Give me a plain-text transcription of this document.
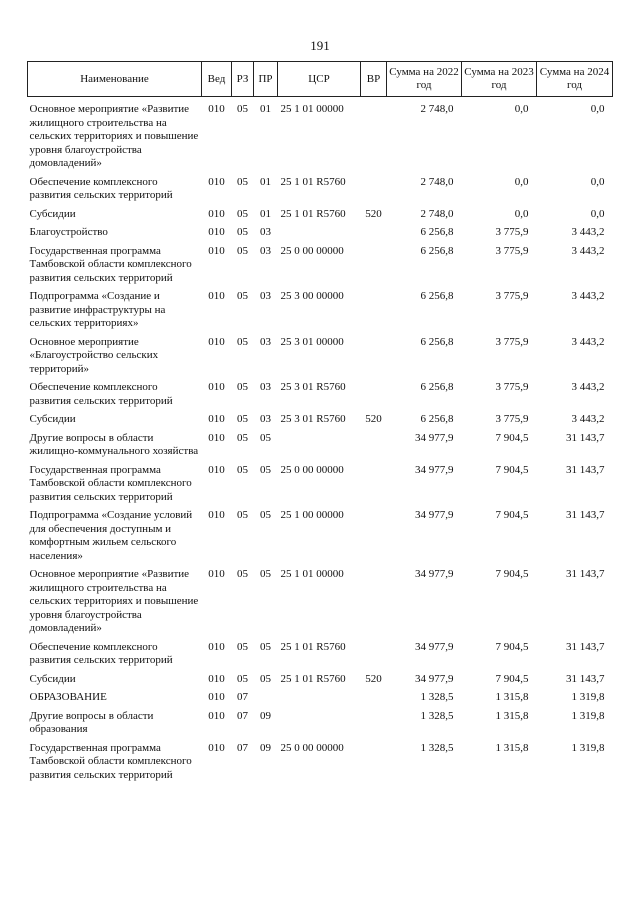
191
Наименование	Вед	РЗ	ПР	ЦСР	ВР	Сумма на 2022 год	Сумма на 2023 год	Сумма на 2024 год
Основное мероприятие «Развитие жилищного строительства на сельских территориях и повышение уровня благоустройства домовладений»	010	05	01	25 1 01 00000		2 748,0	0,0	0,0
Обеспечение комплексного развития сельских территорий	010	05	01	25 1 01 R5760		2 748,0	0,0	0,0
Субсидии	010	05	01	25 1 01 R5760	520	2 748,0	0,0	0,0
Благоустройство	010	05	03			6 256,8	3 775,9	3 443,2
Государственная программа Тамбовской области комплексного развития сельских территорий	010	05	03	25 0 00 00000		6 256,8	3 775,9	3 443,2
Подпрограмма «Создание и развитие инфраструктуры на сельских территориях»	010	05	03	25 3 00 00000		6 256,8	3 775,9	3 443,2
Основное мероприятие «Благоустройство сельских территорий»	010	05	03	25 3 01 00000		6 256,8	3 775,9	3 443,2
Обеспечение комплексного развития сельских территорий	010	05	03	25 3 01 R5760		6 256,8	3 775,9	3 443,2
Субсидии	010	05	03	25 3 01 R5760	520	6 256,8	3 775,9	3 443,2
Другие вопросы в области жилищно-коммунального хозяйства	010	05	05			34 977,9	7 904,5	31 143,7
Государственная программа Тамбовской области комплексного развития сельских территорий	010	05	05	25 0 00 00000		34 977,9	7 904,5	31 143,7
Подпрограмма «Создание условий для обеспечения доступным и комфортным жильем сельского населения»	010	05	05	25 1 00 00000		34 977,9	7 904,5	31 143,7
Основное мероприятие «Развитие жилищного строительства на сельских территориях и повышение уровня благоустройства домовладений»	010	05	05	25 1 01 00000		34 977,9	7 904,5	31 143,7
Обеспечение комплексного развития сельских территорий	010	05	05	25 1 01 R5760		34 977,9	7 904,5	31 143,7
Субсидии	010	05	05	25 1 01 R5760	520	34 977,9	7 904,5	31 143,7
ОБРАЗОВАНИЕ	010	07				1 328,5	1 315,8	1 319,8
Другие вопросы в области образования	010	07	09			1 328,5	1 315,8	1 319,8
Государственная программа Тамбовской области комплексного развития сельских территорий	010	07	09	25 0 00 00000		1 328,5	1 315,8	1 319,8
